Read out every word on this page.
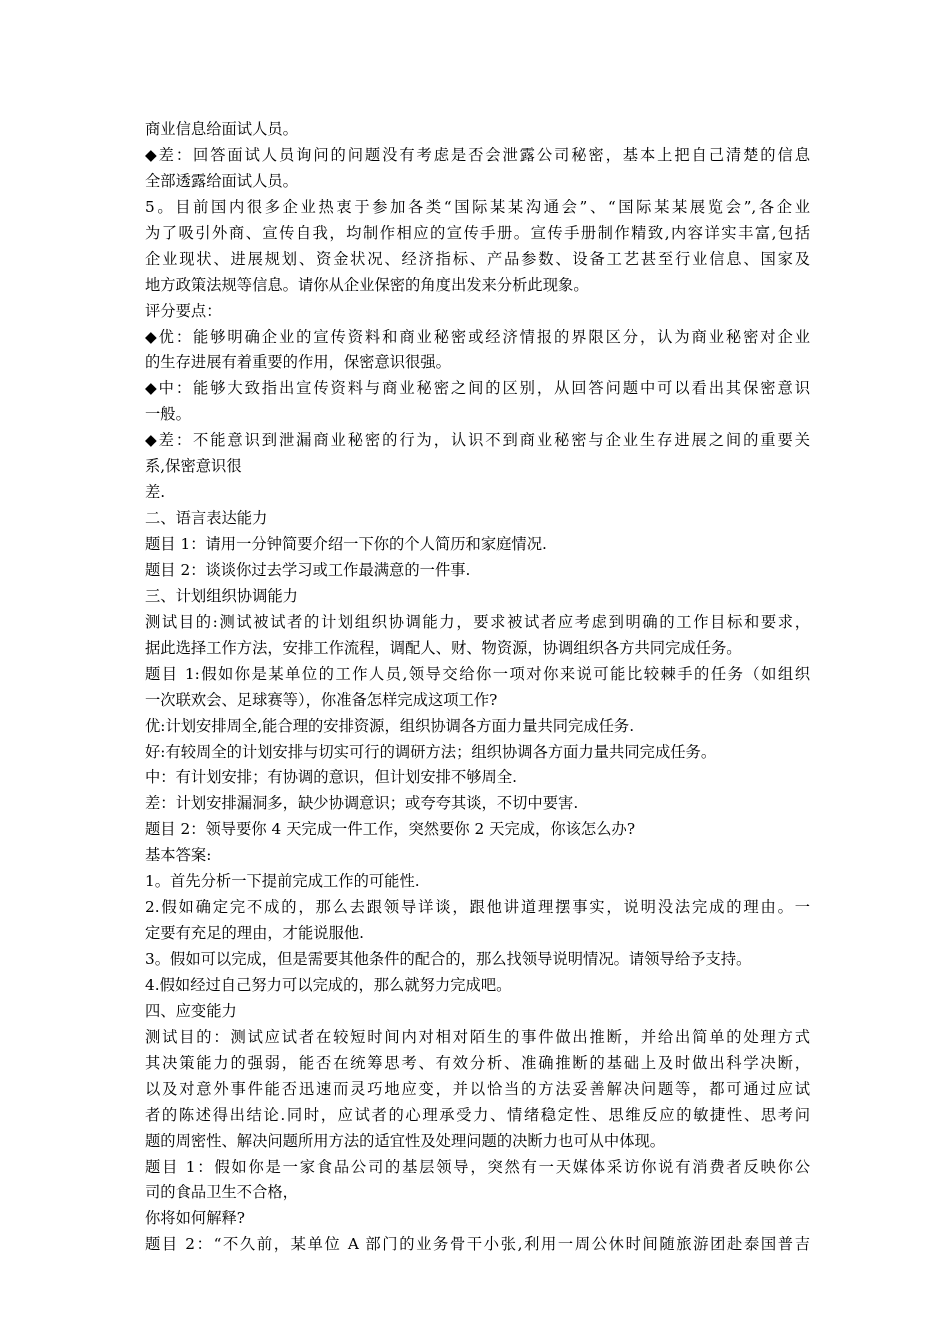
商业信息给面试人员。
◆差：回答面试人员询问的问题没有考虑是否会泄露公司秘密，基本上把自己清楚的信息
全部透露给面试人员。
5。目前国内很多企业热衷于参加各类“国际某某沟通会”、“国际某某展览会”,各企业
为了吸引外商、宣传自我，均制作相应的宣传手册。宣传手册制作精致,内容详实丰富,包括
企业现状、进展规划、资金状况、经济指标、产品参数、设备工艺甚至行业信息、国家及
地方政策法规等信息。请你从企业保密的角度出发来分析此现象。
评分要点：
◆优：能够明确企业的宣传资料和商业秘密或经济情报的界限区分，认为商业秘密对企业
的生存进展有着重要的作用，保密意识很强。
◆中：能够大致指出宣传资料与商业秘密之间的区别，从回答问题中可以看出其保密意识
一般。
◆差：不能意识到泄漏商业秘密的行为，认识不到商业秘密与企业生存进展之间的重要关
系,保密意识很
差.
二、语言表达能力
题目 1：请用一分钟简要介绍一下你的个人简历和家庭情况.
题目 2：谈谈你过去学习或工作最满意的一件事.
三、计划组织协调能力
测试目的:测试被试者的计划组织协调能力，要求被试者应考虑到明确的工作目标和要求，
据此选择工作方法，安排工作流程，调配人、财、物资源，协调组织各方共同完成任务。
题目 1:假如你是某单位的工作人员,领导交给你一项对你来说可能比较棘手的任务（如组织
一次联欢会、足球赛等），你准备怎样完成这项工作?
优:计划安排周全,能合理的安排资源，组织协调各方面力量共同完成任务.
好:有较周全的计划安排与切实可行的调研方法；组织协调各方面力量共同完成任务。
中：有计划安排；有协调的意识，但计划安排不够周全.
差：计划安排漏洞多，缺少协调意识；或夸夸其谈，不切中要害.
题目 2：领导要你 4 天完成一件工作，突然要你 2 天完成，你该怎么办?
基本答案:
1。首先分析一下提前完成工作的可能性.
2.假如确定完不成的，那么去跟领导详谈，跟他讲道理摆事实，说明没法完成的理由。一
定要有充足的理由，才能说服他.
3。假如可以完成，但是需要其他条件的配合的，那么找领导说明情况。请领导给予支持。
4.假如经过自己努力可以完成的，那么就努力完成吧。
四、应变能力
测试目的：测试应试者在较短时间内对相对陌生的事件做出推断，并给出简单的处理方式
其决策能力的强弱，能否在统筹思考、有效分析、准确推断的基础上及时做出科学决断，
以及对意外事件能否迅速而灵巧地应变，并以恰当的方法妥善解决问题等，都可通过应试
者的陈述得出结论.同时，应试者的心理承受力、情绪稳定性、思维反应的敏捷性、思考问
题的周密性、解决问题所用方法的适宜性及处理问题的决断力也可从中体现。
题目 1：假如你是一家食品公司的基层领导，突然有一天媒体采访你说有消费者反映你公
司的食品卫生不合格，
你将如何解释?
题目 2：“不久前，某单位 A 部门的业务骨干小张,利用一周公休时间随旅游团赴泰国普吉
